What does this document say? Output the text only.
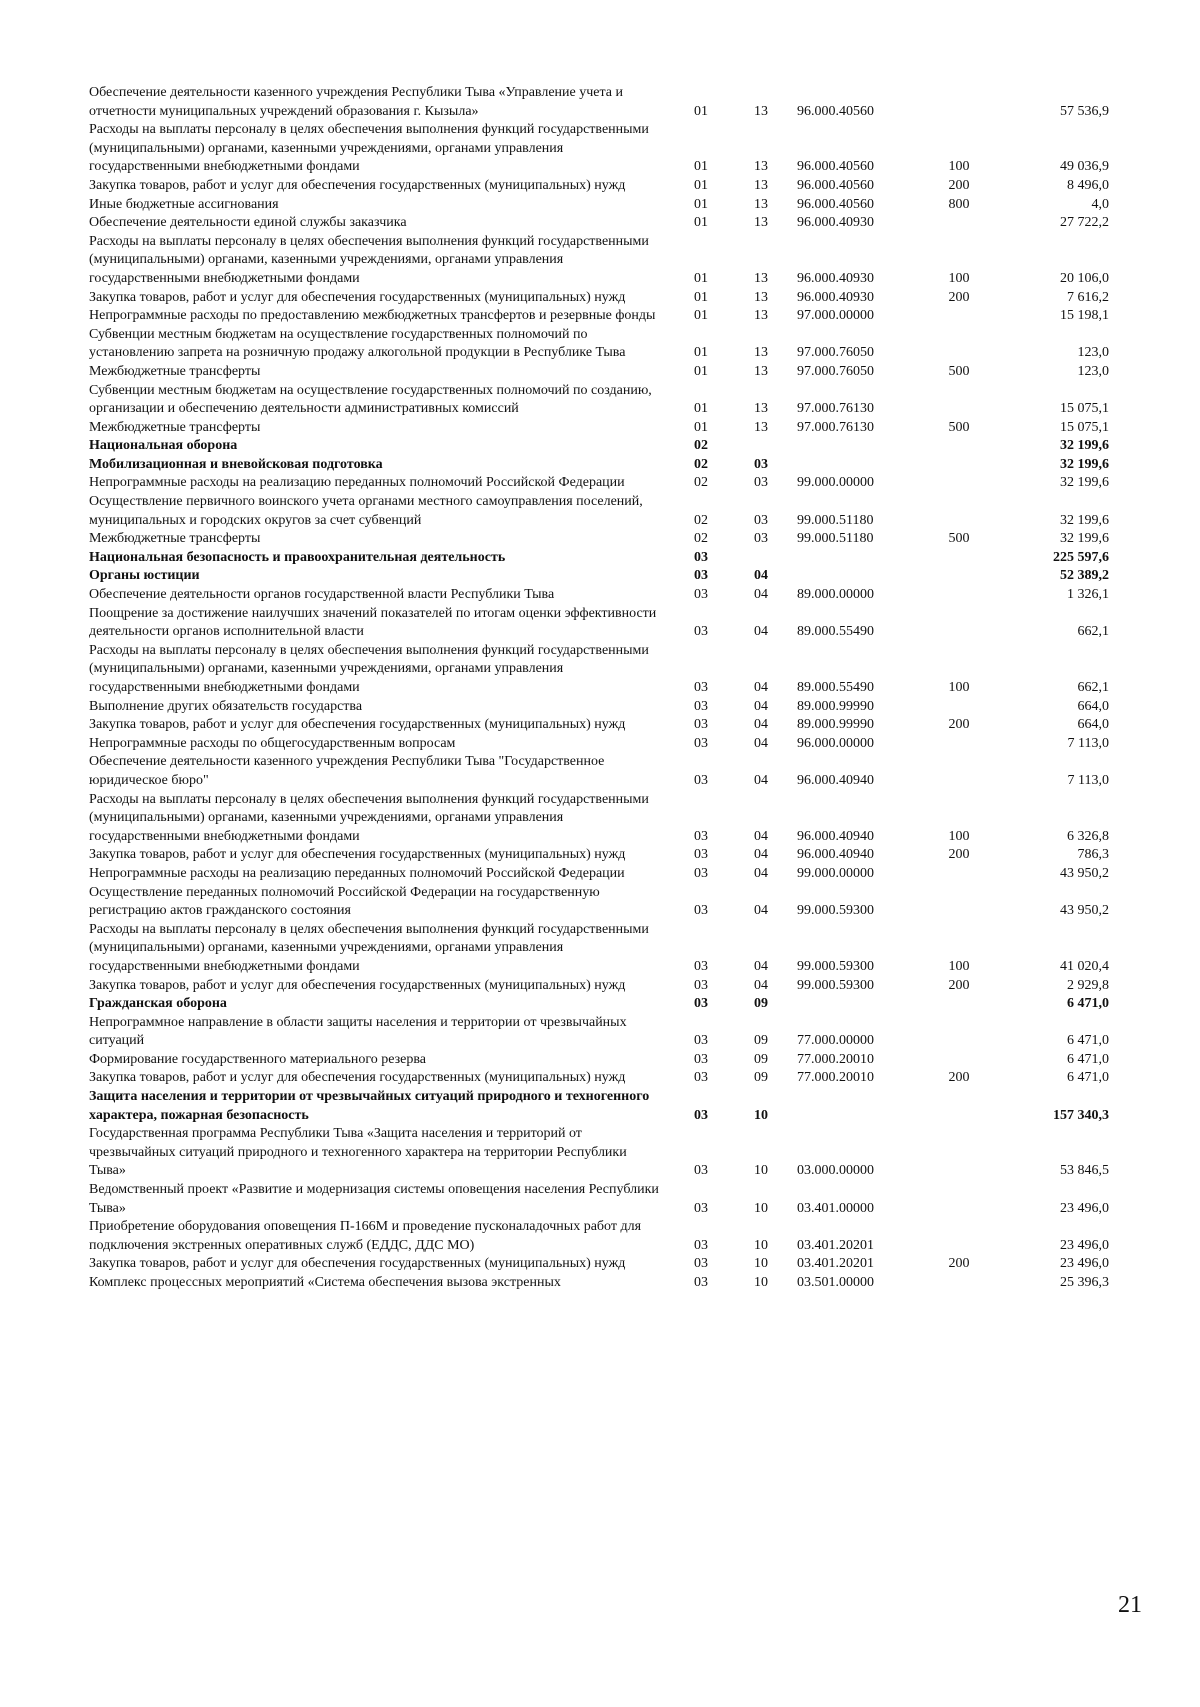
Обеспечение деятельности казенного учреждения Республики Тыва «Управление учета и отчетности муниципальных учреждений образования г. Кызыла»	01	13	96.000.40560		57 536,9
Расходы на выплаты персоналу в целях обеспечения выполнения функций государственными (муниципальными) органами, казенными учреждениями, органами управления государственными внебюджетными фондами	01	13	96.000.40560	100	49 036,9
Закупка товаров, работ и услуг для обеспечения государственных (муниципальных) нужд	01	13	96.000.40560	200	8 496,0
Иные бюджетные ассигнования	01	13	96.000.40560	800	4,0
Обеспечение деятельности единой службы заказчика	01	13	96.000.40930		27 722,2
Расходы на выплаты персоналу в целях обеспечения выполнения функций государственными (муниципальными) органами, казенными учреждениями, органами управления государственными внебюджетными фондами	01	13	96.000.40930	100	20 106,0
Закупка товаров, работ и услуг для обеспечения государственных (муниципальных) нужд	01	13	96.000.40930	200	7 616,2
Непрограммные расходы по предоставлению межбюджетных трансфертов и резервные фонды	01	13	97.000.00000		15 198,1
Субвенции местным бюджетам на осуществление государственных полномочий по установлению запрета на розничную продажу алкогольной продукции в Республике Тыва	01	13	97.000.76050		123,0
Межбюджетные трансферты	01	13	97.000.76050	500	123,0
Субвенции местным бюджетам на осуществление государственных полномочий по созданию, организации и обеспечению деятельности административных комиссий	01	13	97.000.76130		15 075,1
Межбюджетные трансферты	01	13	97.000.76130	500	15 075,1
Национальная оборона	02				32 199,6
Мобилизационная и вневойсковая подготовка	02	03			32 199,6
Непрограммные расходы на реализацию переданных полномочий Российской Федерации	02	03	99.000.00000		32 199,6
Осуществление первичного воинского учета органами местного самоуправления поселений, муниципальных и городских округов за счет субвенций	02	03	99.000.51180		32 199,6
Межбюджетные трансферты	02	03	99.000.51180	500	32 199,6
Национальная безопасность и правоохранительная деятельность	03				225 597,6
Органы юстиции	03	04			52 389,2
Обеспечение деятельности органов государственной власти Республики Тыва	03	04	89.000.00000		1 326,1
Поощрение за достижение наилучших значений показателей по итогам оценки эффективности деятельности органов исполнительной власти	03	04	89.000.55490		662,1
Расходы на выплаты персоналу в целях обеспечения выполнения функций государственными (муниципальными) органами, казенными учреждениями, органами управления государственными внебюджетными фондами	03	04	89.000.55490	100	662,1
Выполнение других обязательств государства	03	04	89.000.99990		664,0
Закупка товаров, работ и услуг для обеспечения государственных (муниципальных) нужд	03	04	89.000.99990	200	664,0
Непрограммные расходы по общегосударственным вопросам	03	04	96.000.00000		7 113,0
Обеспечение деятельности казенного учреждения Республики Тыва "Государственное юридическое бюро"	03	04	96.000.40940		7 113,0
Расходы на выплаты персоналу в целях обеспечения выполнения функций государственными (муниципальными) органами, казенными учреждениями, органами управления государственными внебюджетными фондами	03	04	96.000.40940	100	6 326,8
Закупка товаров, работ и услуг для обеспечения государственных (муниципальных) нужд	03	04	96.000.40940	200	786,3
Непрограммные расходы на реализацию переданных полномочий Российской Федерации	03	04	99.000.00000		43 950,2
Осуществление переданных полномочий Российской Федерации на государственную регистрацию актов гражданского состояния	03	04	99.000.59300		43 950,2
Расходы на выплаты персоналу в целях обеспечения выполнения функций государственными (муниципальными) органами, казенными учреждениями, органами управления государственными внебюджетными фондами	03	04	99.000.59300	100	41 020,4
Закупка товаров, работ и услуг для обеспечения государственных (муниципальных) нужд	03	04	99.000.59300	200	2 929,8
Гражданская оборона	03	09			6 471,0
Непрограммное направление в области защиты населения и территории от чрезвычайных ситуаций	03	09	77.000.00000		6 471,0
Формирование государственного материального резерва	03	09	77.000.20010		6 471,0
Закупка товаров, работ и услуг для обеспечения государственных (муниципальных) нужд	03	09	77.000.20010	200	6 471,0
Защита населения и территории от чрезвычайных ситуаций природного и техногенного характера, пожарная безопасность	03	10			157 340,3
Государственная программа Республики Тыва «Защита населения и территорий от чрезвычайных ситуаций природного и техногенного характера на территории Республики Тыва»	03	10	03.000.00000		53 846,5
Ведомственный проект «Развитие и модернизация системы оповещения населения Республики Тыва»	03	10	03.401.00000		23 496,0
Приобретение оборудования оповещения П-166М и проведение пусконаладочных работ для подключения экстренных оперативных служб (ЕДДС, ДДС МО)	03	10	03.401.20201		23 496,0
Закупка товаров, работ и услуг для обеспечения государственных (муниципальных) нужд	03	10	03.401.20201	200	23 496,0
Комплекс процессных мероприятий «Система обеспечения вызова экстренных	03	10	03.501.00000		25 396,3
21
